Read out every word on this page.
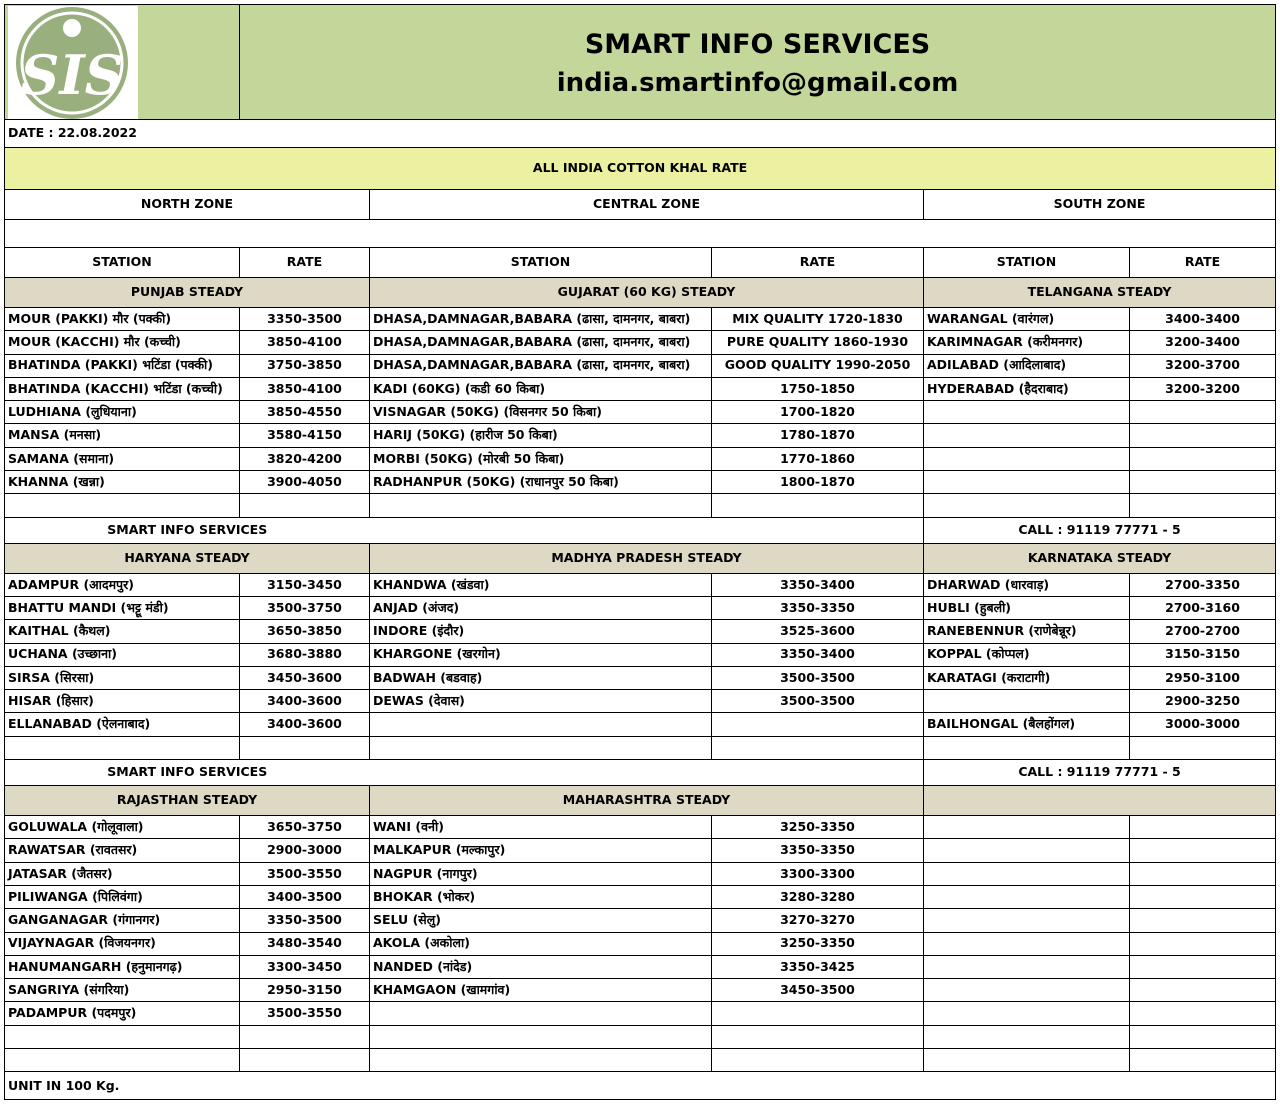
SIS	SMART INFO SERVICES
india.smartinfo@gmail.com				

DATE : 22.08.2022					
ALL INDIA COTTON KHAL RATE					
NORTH ZONE		CENTRAL ZONE		SOUTH ZONE	

STATION	RATE	STATION	RATE	STATION	RATE
PUNJAB STEADY		GUJARAT (60 KG) STEADY		TELANGANA STEADY	
MOUR (PAKKI) मौर (पक्की)	3350-3500	DHASA,DAMNAGAR,BABARA (ढासा, दामनगर, बाबरा)	MIX QUALITY 1720-1830	WARANGAL (वारंगल)	3400-3400
MOUR (KACCHI) मौर (कच्ची)	3850-4100	DHASA,DAMNAGAR,BABARA (ढासा, दामनगर, बाबरा)	PURE QUALITY 1860-1930	KARIMNAGAR (करीमनगर)	3200-3400
BHATINDA (PAKKI) भटिंडा (पक्की)	3750-3850	DHASA,DAMNAGAR,BABARA (ढासा, दामनगर, बाबरा)	GOOD QUALITY 1990-2050	ADILABAD (आदिलाबाद)	3200-3700
BHATINDA (KACCHI) भटिंडा (कच्ची)	3850-4100	KADI (60KG) (कडी 60 किबा)	1750-1850	HYDERABAD (हैदराबाद)	3200-3200
LUDHIANA (लुधियाना)	3850-4550	VISNAGAR (50KG) (विसनगर 50 किबा)	1700-1820		
MANSA (मनसा)	3580-4150	HARIJ (50KG) (हारीज 50 किबा)	1780-1870		
SAMANA (समाना)	3820-4200	MORBI (50KG) (मोरबी 50 किबा)	1770-1860		
KHANNA (खन्ना)	3900-4050	RADHANPUR (50KG) (राधानपुर 50 किबा)	1800-1870		

SMART INFO SERVICES				CALL : 91119 77771 - 5	
HARYANA STEADY		MADHYA PRADESH STEADY		KARNATAKA STEADY	
ADAMPUR (आदमपुर)	3150-3450	KHANDWA (खंडवा)	3350-3400	DHARWAD (धारवाड़)	2700-3350
BHATTU MANDI (भट्टू मंडी)	3500-3750	ANJAD (अंजद)	3350-3350	HUBLI (हुबली)	2700-3160
KAITHAL (कैथल)	3650-3850	INDORE (इंदौर)	3525-3600	RANEBENNUR (राणेबेन्नूर)	2700-2700
UCHANA (उच्छाना)	3680-3880	KHARGONE (खरगोन)	3350-3400	KOPPAL (कोप्पल)	3150-3150
SIRSA (सिरसा)	3450-3600	BADWAH (बडवाह)	3500-3500	KARATAGI (कराटागी)	2950-3100
HISAR (हिसार)	3400-3600	DEWAS (देवास)	3500-3500		2900-3250
ELLANABAD (ऐलनाबाद)	3400-3600			BAILHONGAL (बैलहोंगल)	3000-3000

SMART INFO SERVICES				CALL : 91119 77771 - 5	
RAJASTHAN STEADY		MAHARASHTRA STEADY			
GOLUWALA (गोलूवाला)	3650-3750	WANI (वनी)	3250-3350		
RAWATSAR (रावतसर)	2900-3000	MALKAPUR (मल्कापुर)	3350-3350		
JATASAR (जैतसर)	3500-3550	NAGPUR (नागपुर)	3300-3300		
PILIWANGA (पिलिवंगा)	3400-3500	BHOKAR (भोकर)	3280-3280		
GANGANAGAR (गंगानगर)	3350-3500	SELU (सेलु)	3270-3270		
VIJAYNAGAR (विजयनगर)	3480-3540	AKOLA (अकोला)	3250-3350		
HANUMANGARH (हनुमानगढ़)	3300-3450	NANDED (नांदेड)	3350-3425		
SANGRIYA (संगरिया)	2950-3150	KHAMGAON (खामगांव)	3450-3500		
PADAMPUR (पदमपुर)	3500-3550				

UNIT IN 100 Kg.					
